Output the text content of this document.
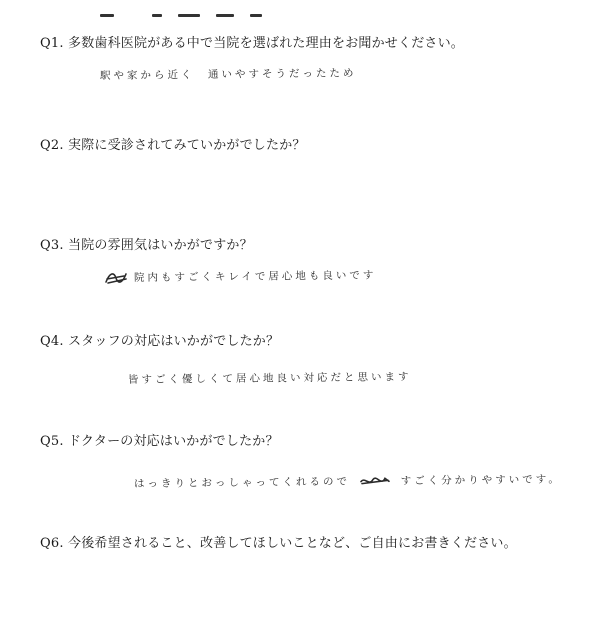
Q1. 多数歯科医院がある中で当院を選ばれた理由をお聞かせください。
駅や家から近く　通いやすそうだったため
Q2. 実際に受診されてみていかがでしたか？
Q3. 当院の雰囲気はいかがですか？
院内もすごくキレイで居心地も良いです
Q4. スタッフの対応はいかがでしたか？
皆すごく優しくて居心地良い対応だと思います
Q5. ドクターの対応はいかがでしたか？
はっきりとおっしゃってくれるので	すごく分かりやすいです。
Q6. 今後希望されること、改善してほしいことなど、ご自由にお書きください。
